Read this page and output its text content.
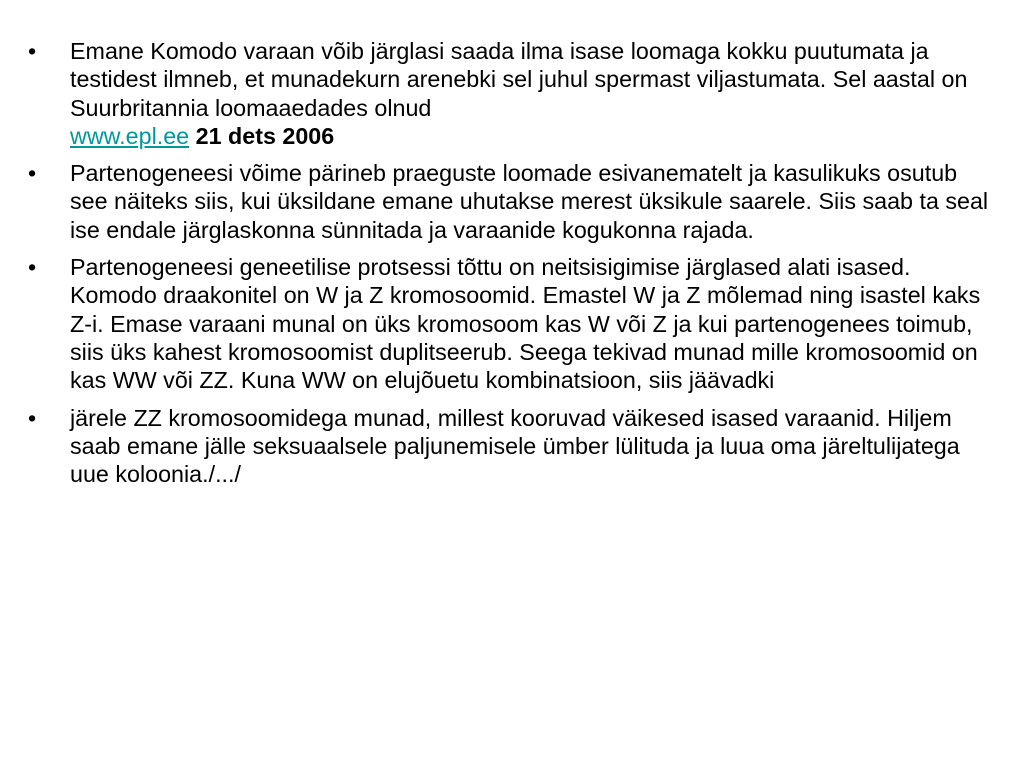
•	Emane Komodo varaan võib järglasi saada ilma isase loomaga kokku puutumata ja testidest ilmneb, et munadekurn arenebki sel juhul spermast viljastumata. Sel aastal on Suurbritannia loomaaedades olnud
www.epl.ee 21 dets 2006
•	Partenogeneesi võime pärineb praeguste loomade esivanematelt ja kasulikuks osutub see näiteks siis, kui üksildane emane uhutakse merest üksikule saarele. Siis saab ta seal ise endale järglaskonna sünnitada ja varaanide kogukonna rajada.
•	Partenogeneesi geneetilise protsessi tõttu on neitsisigimise järglased alati isased. Komodo draakonitel on W ja Z kromosoomid. Emastel W ja Z mõlemad ning isastel kaks Z-i. Emase varaani munal on üks kromosoom kas W või Z ja kui partenogenees toimub, siis üks kahest kromosoomist duplitseerub. Seega tekivad munad mille kromosoomid on kas WW või ZZ. Kuna WW on elujõuetu kombinatsioon, siis jäävadki
•	järele ZZ kromosoomidega munad, millest kooruvad väikesed isased varaanid. Hiljem saab emane jälle seksuaalsele paljunemisele ümber lülituda ja luua oma järeltulijatega uue koloonia./.../
